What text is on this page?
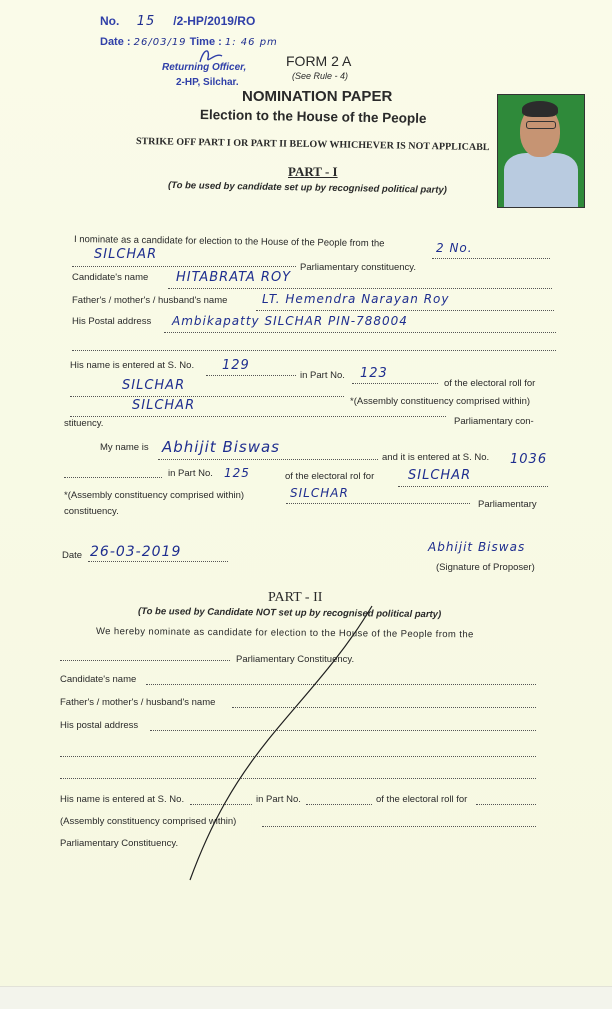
No. 15 /2-HP/2019/RO
Date : 26/03/19 Time : 1: 46 pm
Returning Officer,
2-HP, Silchar.
FORM 2 A
(See Rule - 4)
NOMINATION PAPER
Election to the House of the People
STRIKE OFF PART I OR PART II BELOW WHICHEVER IS NOT APPLICABL
PART - I
(To be used by candidate set up by recognised political party)
I nominate as a candidate for election to the House of the People from the	2 No.
SILCHAR
Parliamentary constituency.
Candidate's name HITABRATA ROY
Father's / mother's / husband's name	LT. Hemendra Narayan Roy
His Postal address Ambikapatty SILCHAR PIN-788004
His name is entered at S. No. 129
in Part No. 123
of the electoral roll for
SILCHAR
*(Assembly constituency comprised within)
SILCHAR
Parliamentary con-
stituency.
My name is Abhijit Biswas
and it is entered at S. No. 1036
in Part No. 125	of the electoral rol for	SILCHAR
*(Assembly constituency comprised within)	SILCHAR
Parliamentary
constituency.
Date 26-03-2019	Abhijit Biswas
(Signature of Proposer)
PART - II
(To be used by Candidate NOT set up by recognised political party)
We hereby nominate as candidate for election to the House of the People from the
Parliamentary Constituency.
Candidate's name
Father's / mother's / husband's name
His postal address
His name is entered at S. No.	in Part No.	of the electoral roll for
(Assembly constituency comprised within)
Parliamentary Constituency.
